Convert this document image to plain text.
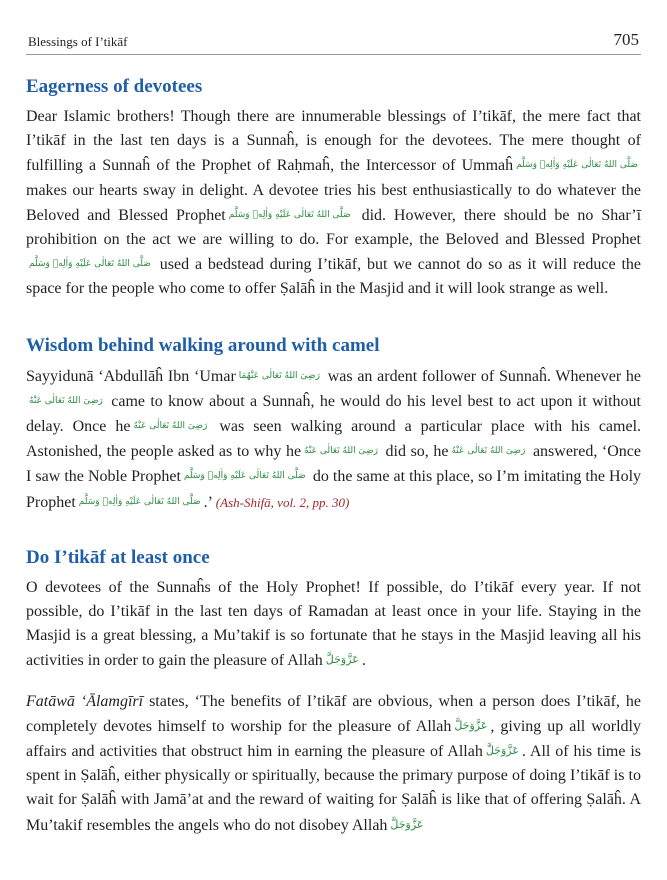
Blessings of I’tikāf	705
Eagerness of devotees

Dear Islamic brothers! Though there are innumerable blessings of I’tikāf, the mere fact that I’tikāf in the last ten days is a Sunnaĥ, is enough for the devotees. The mere thought of fulfilling a Sunnaĥ of the Prophet of Raḥmaĥ, the Intercessor of Ummaĥ صَلَّى اللهُ تَعَالٰى عَلَيْهِ وَاٰلِهٖ وَسَلَّم makes our hearts sway in delight. A devotee tries his best enthusiastically to do whatever the Beloved and Blessed Prophet صَلَّى اللهُ تَعَالٰى عَلَيْهِ وَاٰلِهٖ وَسَلَّم did. However, there should be no Shar’ī prohibition on the act we are willing to do. For example, the Beloved and Blessed Prophetصَلَّى اللهُ تَعَالٰى عَلَيْهِ وَاٰلِهٖ وَسَلَّم used a bedstead during I’tikāf, but we cannot do so as it will reduce the space for the people who come to offer Ṣalāĥ in the Masjid and it will look strange as well.

Wisdom behind walking around with camel

Sayyidunā ‘Abdullāĥ Ibn ‘Umar رَضِىَ اللهُ تَعَالٰى عَنْهُمَا was an ardent follower of Sunnaĥ. Whenever heرَضِىَ اللهُ تَعَالٰى عَنْهُ came to know about a Sunnaĥ, he would do his level best to act upon it without delay. Once he رَضِىَ اللهُ تَعَالٰى عَنْهُ was seen walking around a particular place with his camel. Astonished, the people asked as to why he رَضِىَ اللهُ تَعَالٰى عَنْهُ did so, he رَضِىَ اللهُ تَعَالٰى عَنْهُ answered, ‘Once I saw the Noble Prophet صَلَّى اللهُ تَعَالٰى عَلَيْهِ وَاٰلِهٖ وَسَلَّم do the same at this place, so I’m imitating the Holy Prophet صَلَّى اللهُ تَعَالٰى عَلَيْهِ وَاٰلِهٖ وَسَلَّم .’ (Ash-Shifā, vol. 2, pp. 30)

Do I’tikāf at least once

O devotees of the Sunnaĥs of the Holy Prophet! If possible, do I’tikāf every year. If not possible, do I’tikāf in the last ten days of Ramadan at least once in your life. Staying in the Masjid is a great blessing, a Mu’takif is so fortunate that he stays in the Masjid leaving all his activities in order to gain the pleasure of Allah عَزَّوَجَلَّ .

Fatāwā ‘Ālamgīrī states, ‘The benefits of I’tikāf are obvious, when a person does I’tikāf, he completely devotes himself to worship for the pleasure of Allah عَزَّوَجَلَّ , giving up all worldly affairs and activities that obstruct him in earning the pleasure of Allah عَزَّوَجَلَّ . All of his time is spent in Ṣalāĥ, either physically or spiritually, because the primary purpose of doing I’tikāf is to wait for Ṣalāĥ with Jamā’at and the reward of waiting for Ṣalāĥ is like that of offering Ṣalāĥ. A Mu’takif resembles the angels who do not disobey Allah عَزَّوَجَلَّ
